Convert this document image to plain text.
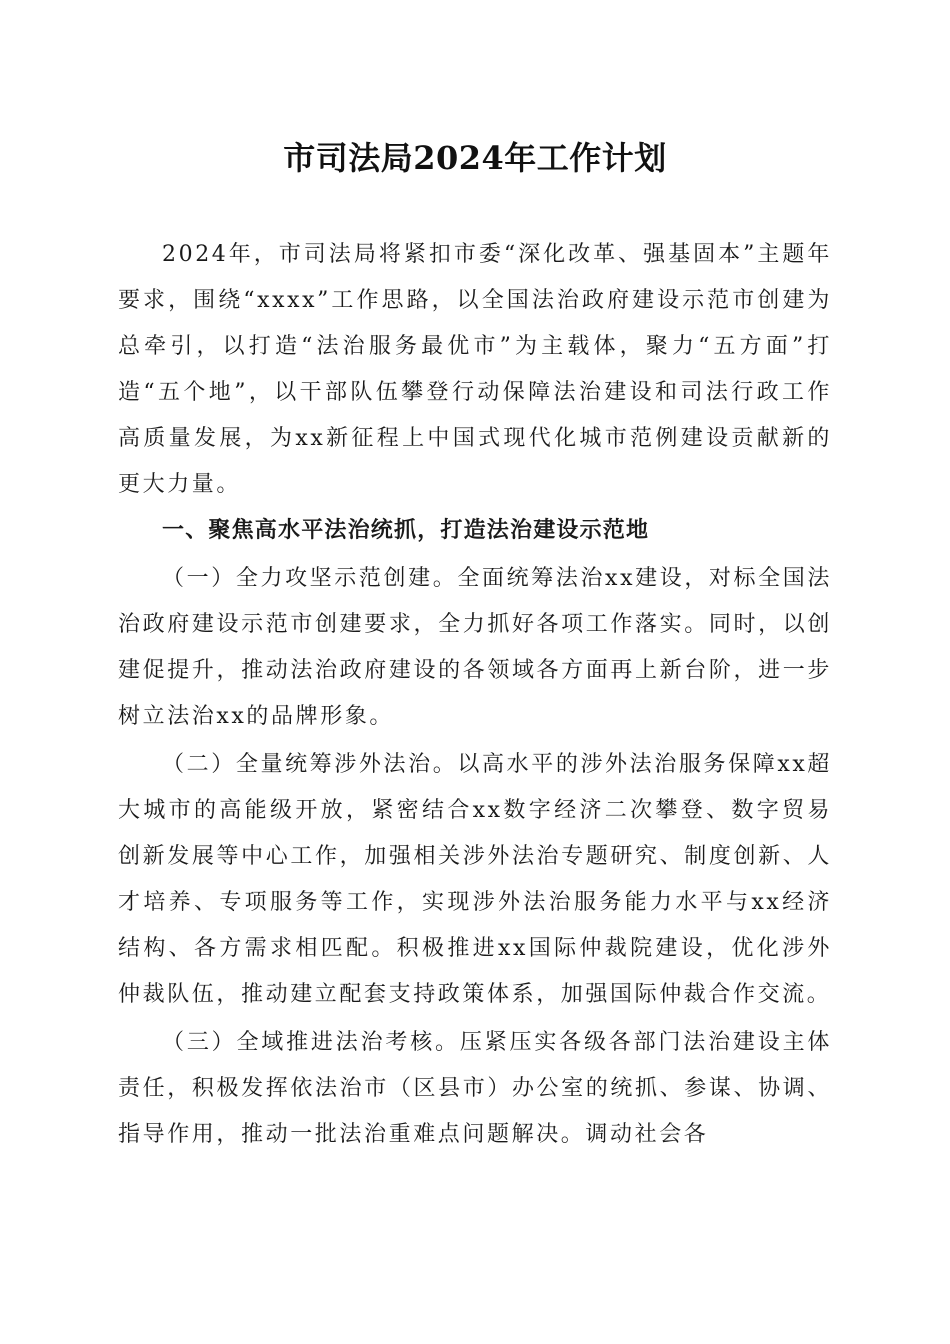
市司法局2024年工作计划

2024年，市司法局将紧扣市委“深化改革、强基固本”主题年要求，围绕“xxxx”工作思路，以全国法治政府建设示范市创建为总牵引，以打造“法治服务最优市”为主载体，聚力“五方面”打造“五个地”，以干部队伍攀登行动保障法治建设和司法行政工作高质量发展，为xx新征程上中国式现代化城市范例建设贡献新的更大力量。

一、聚焦高水平法治统抓，打造法治建设示范地

（一）全力攻坚示范创建。全面统筹法治xx建设，对标全国法治政府建设示范市创建要求，全力抓好各项工作落实。同时，以创建促提升，推动法治政府建设的各领域各方面再上新台阶，进一步树立法治xx的品牌形象。

（二）全量统筹涉外法治。以高水平的涉外法治服务保障xx超大城市的高能级开放，紧密结合xx数字经济二次攀登、数字贸易创新发展等中心工作，加强相关涉外法治专题研究、制度创新、人才培养、专项服务等工作，实现涉外法治服务能力水平与xx经济结构、各方需求相匹配。积极推进xx国际仲裁院建设，优化涉外仲裁队伍，推动建立配套支持政策体系，加强国际仲裁合作交流。

（三）全域推进法治考核。压紧压实各级各部门法治建设主体责任，积极发挥依法治市（区县市）办公室的统抓、参谋、协调、指导作用，推动一批法治重难点问题解决。调动社会各
